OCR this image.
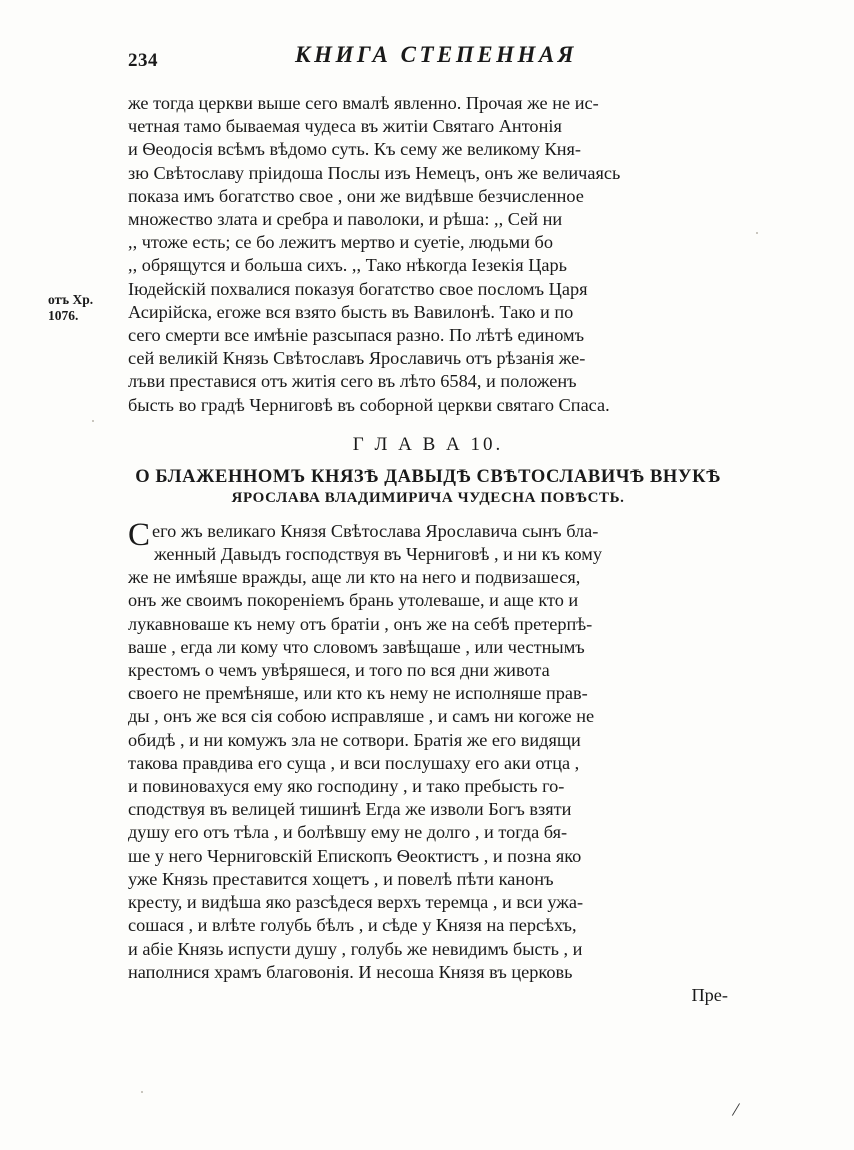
234	КНИГА СТЕПЕННАЯ
отъ Хр.
1076.

же тогда церкви выше сего вмалѣ явленно. Прочая же не ис-
четная тамо бываемая чудеса въ житіи Святаго Антонія
и Ѳеодосія всѣмъ вѣдомо суть. Къ сему же великому Кня-
зю Свѣтославу пріидоша Послы изъ Немецъ, онъ же величаясь
показа имъ богатство свое , они же видѣвше безчисленное
множество злата и сребра и паволоки, и рѣша: ,, Сей ни
,, чтоже есть; се бо лежитъ мертво и суетіе, людьми бо
,, обрящутся и больша сихъ. ,, Тако нѣкогда Іезекія Царь
Іюдейскій похвалися показуя богатство свое посломъ Царя
Асирійска, егоже вся взято бысть въ Вавилонѣ. Тако и по
сего смерти все имѣніе разсыпася разно. По лѣтѣ единомъ
сей великій Князь Свѣтославъ Ярославичь отъ рѣзанія же-
лъви преставися отъ житія сего въ лѣто 6584, и положенъ
бысть во градѣ Черниговѣ въ соборной церкви святаго Спаса.

Г Л А В А 10.
О БЛАЖЕННОМЪ КНЯЗѢ ДАВЫДѢ СВѢТОСЛАВИЧѢ ВНУКѢ
ЯРОСЛАВА ВЛАДИМИРИЧА ЧУДЕСНА ПОВѢСТЬ.

Сего жъ великаго Князя Свѣтослава Ярославича сынъ бла-
женный Давыдъ господствуя въ Черниговѣ , и ни къ кому
же не имѣяше вражды, аще ли кто на него и подвизашеся,
онъ же своимъ покореніемъ брань утолеваше, и аще кто и
лукавноваше къ нему отъ братіи , онъ же на себѣ претерпѣ-
ваше , егда ли кому что словомъ завѣщаше , или честнымъ
крестомъ о чемъ увѣряшеся, и того по вся дни живота
своего не премѣняше, или кто къ нему не исполняше прав-
ды , онъ же вся сія собою исправляше , и самъ ни когоже не
обидѣ , и ни комужъ зла не сотвори. Братія же его видящи
такова правдива его суща , и вси послушаху его аки отца ,
и повиновахуся ему яко господину , и тако пребысть го-
сподствуя въ велицей тишинѣ Егда же изволи Богъ взяти
душу его отъ тѣла , и болѣвшу ему не долго , и тогда бя-
ше у него Черниговскій Епископъ Ѳеоктистъ , и позна яко
уже Князь преставится хощетъ , и повелѣ пѣти канонъ
кресту, и видѣша яко разсѣдеся верхъ теремца , и вси ужа-
сошася , и влѣте голубь бѣлъ , и сѣде у Князя на персѣхъ,
и абіе Князь испусти душу , голубь же невидимъ бысть , и
наполнися храмъ благовонія. И несоша Князя въ церковь

Пре-
/
